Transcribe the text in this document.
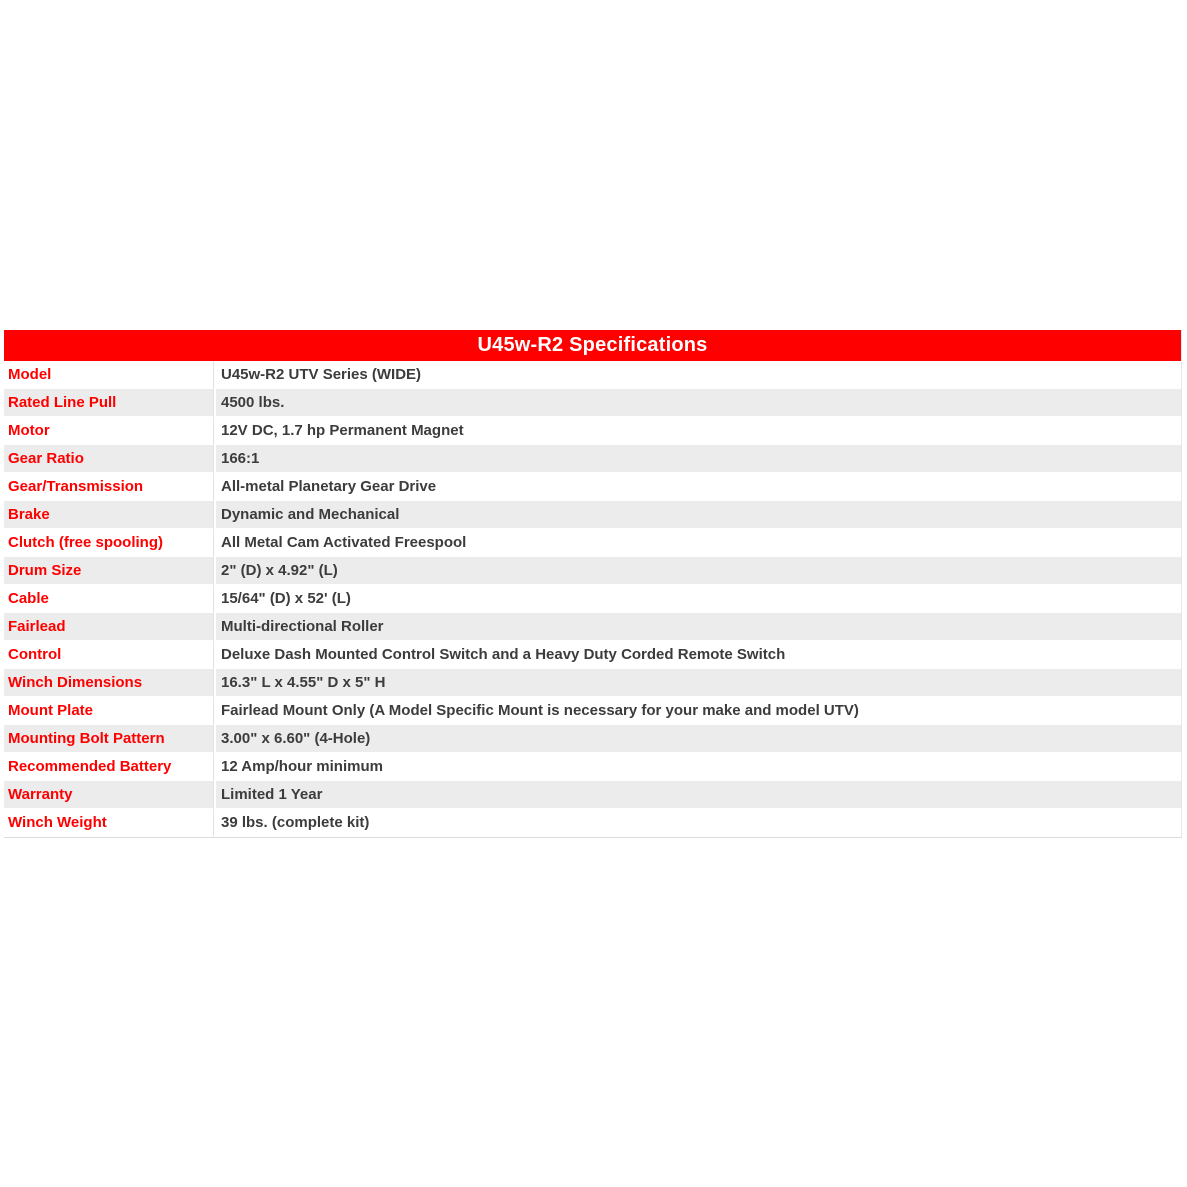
U45w-R2 Specifications	
Model	U45w-R2 UTV Series (WIDE)
Rated Line Pull	4500 lbs.
Motor	12V DC, 1.7 hp Permanent Magnet
Gear Ratio	166:1
Gear/Transmission	All-metal Planetary Gear Drive
Brake	Dynamic and Mechanical
Clutch (free spooling)	All Metal Cam Activated Freespool
Drum Size	2" (D) x 4.92" (L)
Cable	15/64" (D) x 52' (L)
Fairlead	Multi-directional Roller
Control	Deluxe Dash Mounted Control Switch and a Heavy Duty Corded Remote Switch
Winch Dimensions	16.3" L x 4.55" D x 5" H
Mount Plate	Fairlead Mount Only (A Model Specific Mount is necessary for your make and model UTV)
Mounting Bolt Pattern	3.00" x 6.60" (4-Hole)
Recommended Battery	12 Amp/hour minimum
Warranty	Limited 1 Year
Winch Weight	39 lbs. (complete kit)
